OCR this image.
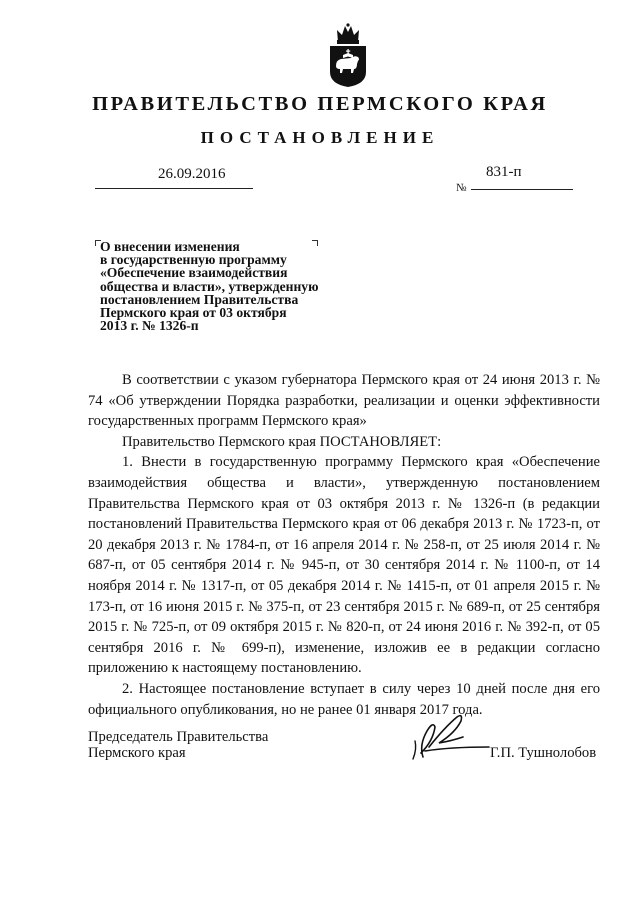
ПРАВИТЕЛЬСТВО ПЕРМСКОГО КРАЯ
ПОСТАНОВЛЕНИЕ
26.09.2016	831-п
№
О внесении изменения
в государственную программу
«Обеспечение взаимодействия
общества и власти», утвержденную
постановлением Правительства
Пермского края от 03 октября
2013 г. № 1326-п

В соответствии с указом губернатора Пермского края от 24 июня 2013 г. № 74 «Об утверждении Порядка разработки, реализации и оценки эффективности государственных программ Пермского края»

Правительство Пермского края ПОСТАНОВЛЯЕТ:

1. Внести в государственную программу Пермского края «Обеспечение взаимодействия общества и власти», утвержденную постановлением Правительства Пермского края от 03 октября 2013 г. № 1326-п (в редакции постановлений Правительства Пермского края от 06 декабря 2013 г. № 1723-п, от 20 декабря 2013 г. № 1784-п, от 16 апреля 2014 г. № 258-п, от 25 июля 2014 г. № 687-п, от 05 сентября 2014 г. № 945-п, от 30 сентября 2014 г. № 1100-п, от 14 ноября 2014 г. № 1317-п, от 05 декабря 2014 г. № 1415-п, от 01 апреля 2015 г. № 173-п, от 16 июня 2015 г. № 375-п, от 23 сентября 2015 г. № 689-п, от 25 сентября 2015 г. № 725-п, от 09 октября 2015 г. № 820-п, от 24 июня 2016 г. № 392-п, от 05 сентября 2016 г. № 699-п), изменение, изложив ее в редакции согласно приложению к настоящему постановлению.

2. Настоящее постановление вступает в силу через 10 дней после дня его официального опубликования, но не ранее 01 января 2017 года.

Председатель Правительства
Пермского края	Г.П. Тушнолобов
